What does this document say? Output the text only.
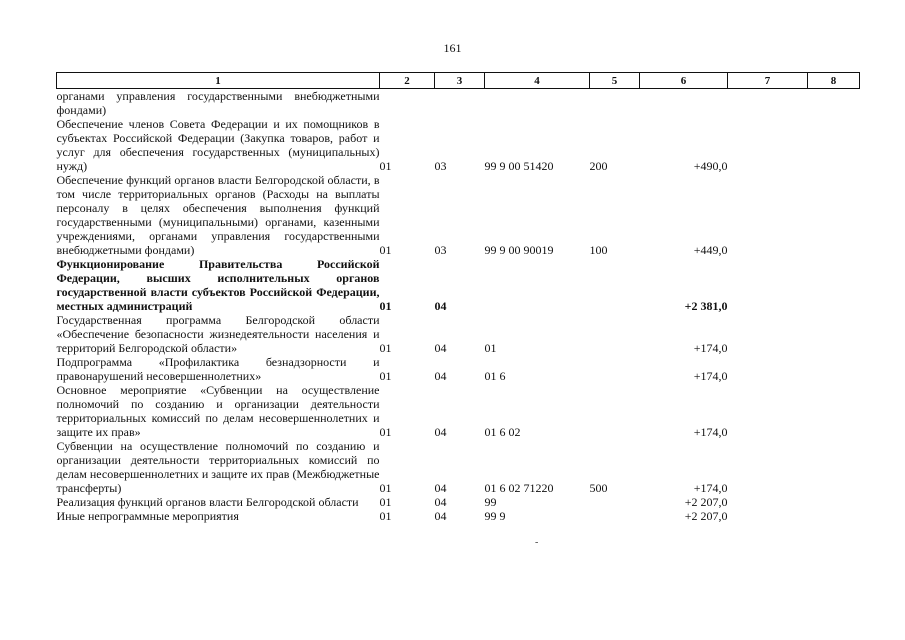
161
1	2	3	4	5	6	7	8
органами управления государственными внебюджетными фондами)							
Обеспечение членов Совета Федерации и их помощников в субъектах Российской Федерации (Закупка товаров, работ и услуг для обеспечения государственных (муниципальных) нужд)	01	03	99 9 00 51420	200	+490,0		
Обеспечение функций органов власти Белгородской области, в том числе территориальных органов (Расходы на выплаты персоналу в целях обеспечения выполнения функций государственными (муниципальными) органами, казенными учреждениями, органами управления государственными внебюджетными фондами)	01	03	99 9 00 90019	100	+449,0		
Функционирование Правительства Российской Федерации, высших исполнительных органов государственной власти субъектов Российской Федерации, местных администраций	01	04			+2 381,0		
Государственная программа Белгородской области «Обеспечение безопасности жизнедеятельности населения и территорий Белгородской области»	01	04	01		+174,0		
Подпрограмма «Профилактика безнадзорности и правонарушений несовершеннолетних»	01	04	01 6		+174,0		
Основное мероприятие «Субвенции на осуществление полномочий по созданию и организации деятельности территориальных комиссий по делам несовершеннолетних и защите их прав»	01	04	01 6 02		+174,0		
Субвенции на осуществление полномочий по созданию и организации деятельности территориальных комиссий по делам несовершеннолетних и защите их прав (Межбюджетные трансферты)	01	04	01 6 02 71220	500	+174,0		
Реализация функций органов власти Белгородской области	01	04	99		+2 207,0		
Иные непрограммные мероприятия	01	04	99 9		+2 207,0		
-
